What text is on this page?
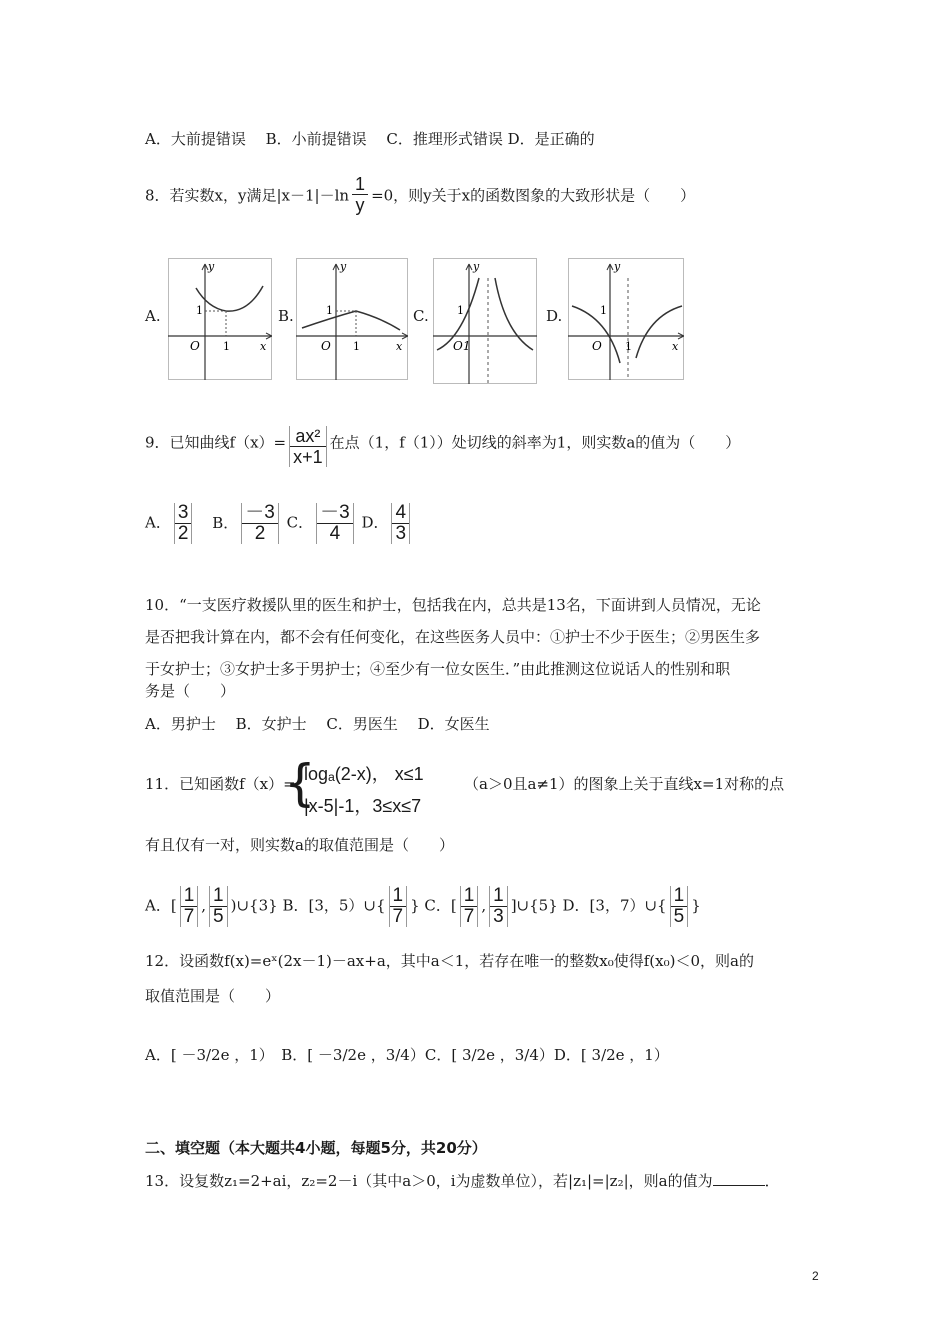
A．大前提错误　 B．小前提错误　 C．推理形式错误 D．是正确的
8．若实数x，y满足$|x-1|-\ln \frac{1}{y} =0$，则y关于x的函数图象的大致形状是（　　）
A.
y
x
O 1
1	B.
y
x
O 1
1	C.
y
1
O1
D.
y
x
O
1
1
9．已知曲线$f(x)= \frac{\text{ax²}}{x+1}$ 在点（1，f（1））处切线的斜率为1，则实数a的值为（　　）
A． $\frac{3}{2}$ B． $\frac{-3}{2}$ C． $\frac{-3}{4}$ D． $\frac{4}{3}$
10．“一支医疗救援队里的医生和护士，包括我在内，总共是13名，下面讲到人员情况，无论
是否把我计算在内，都不会有任何变化，在这些医务人员中：①护士不少于医生；②男医生多
于女护士；③女护士多于男护士；④至少有一位女医生．”由此推测这位说话人的性别和职
务是（　　）
A．男护士　 B．女护士　 C．男医生　 D．女医生
11．已知函数f（x）=
{
logₐ(2-x)， x≤1
|x-5|-1，3≤x≤7
（a＞0且a≠1）的图象上关于直线x=1对称的点
有且仅有一对，则实数a的取值范围是（　　）
A．[ $\frac{1}{7}$ , $\frac{1}{5}$ )∪{3} B．[3，5）∪{ $\frac{1}{7}$ } C．[ $\frac{1}{7}$ , $\frac{1}{3}$ ]∪{5} D．[3，7）∪{ $\frac{1}{5}$ }
12．设函数f(x)=eˣ(2x－1)－ax+a，其中a＜1，若存在唯一的整数x₀使得f(x₀)＜0，则a的
取值范围是（　　）
A．[ －3/2e ，1）　B．[ －3/2e ，3/4）C．[ 3/2e ，3/4）D．[ 3/2e ，1）
二、填空题（本大题共4小题，每题5分，共20分）
13．设复数z₁=2+ai，z₂=2－i（其中a＞0，i为虚数单位），若|z₁|=|z₂|，则a的值为	．
2
